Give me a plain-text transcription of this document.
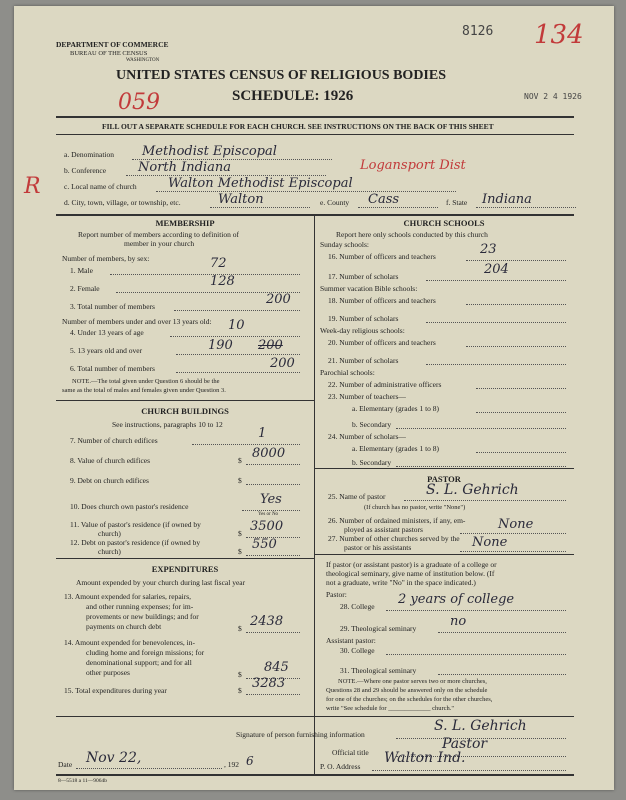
DEPARTMENT OF COMMERCE
BUREAU OF THE CENSUS
WASHINGTON
UNITED STATES CENSUS OF RELIGIOUS BODIES
SCHEDULE: 1926
8126 134
NOV 2 4 1926
059
FILL OUT A SEPARATE SCHEDULE FOR EACH CHURCH. SEE INSTRUCTIONS ON THE BACK OF THIS SHEET
a. Denomination Methodist Episcopal
b. Conference North Indiana	Logansport Dist
c. Local name of church Walton Methodist Episcopal
R
d. City, town, village, or township, etc.	Walton	e. County Cass	f. State Indiana
MEMBERSHIP
Report number of members according to definition of
member in your church
Number of members, by sex:
1. Male	72
2. Female	128
3. Total number of members	200
Number of members under and over 13 years old:
4. Under 13 years of age	10
5. 13 years old and over	190 200
6. Total number of members	200
NOTE.—The total given under Question 6 should be the
same as the total of males and females given under Question 3.
CHURCH BUILDINGS
See instructions, paragraphs 10 to 12
7. Number of church edifices	1
8. Value of church edifices	$ 8000
9. Debt on church edifices	$
10. Does church own pastor's residence	Yes
Yes or No
11. Value of pastor's residence (if owned by
church)	$ 3500
12. Debt on pastor's residence (if owned by
church)	$ 550
EXPENDITURES
Amount expended by your church during last fiscal year
13. Amount expended for salaries, repairs,
and other running expenses; for im-
provements or new buildings; and for
payments on church debt	$ 2438
14. Amount expended for benevolences, in-
cluding home and foreign missions; for
denominational support; and for all
other purposes	$ 845
15. Total expenditures during year	$ 3283
CHURCH SCHOOLS
Report here only schools conducted by this church
Sunday schools:
16. Number of officers and teachers	23
17. Number of scholars	204
Summer vacation Bible schools:
18. Number of officers and teachers
19. Number of scholars
Week-day religious schools:
20. Number of officers and teachers
21. Number of scholars
Parochial schools:
22. Number of administrative officers
23. Number of teachers—
a. Elementary (grades 1 to 8)
b. Secondary
24. Number of scholars—
a. Elementary (grades 1 to 8)
b. Secondary
PASTOR
25. Name of pastor	S. L. Gehrich
(If church has no pastor, write "None")
26. Number of ordained ministers, if any, em-
ployed as assistant pastors	None
27. Number of other churches served by the
pastor or his assistants	None
If pastor (or assistant pastor) is a graduate of a college or
theological seminary, give name of institution below. (If
not a graduate, write "No" in the space indicated.)
Pastor:
28. College 2 years of college
29. Theological seminary	no
Assistant pastor:
30. College
31. Theological seminary
NOTE.—Where one pastor serves two or more churches,
Questions 28 and 29 should be answered only on the schedule
for one of the churches; on the schedules for the other churches,
write "See schedule for _____________ church."
Signature of person furnishing information
S. L. Gehrich
Official title
Pastor
Date Nov 22,	, 192 6	P. O. Address
Walton Ind.
8—5518 a 11—9064b
